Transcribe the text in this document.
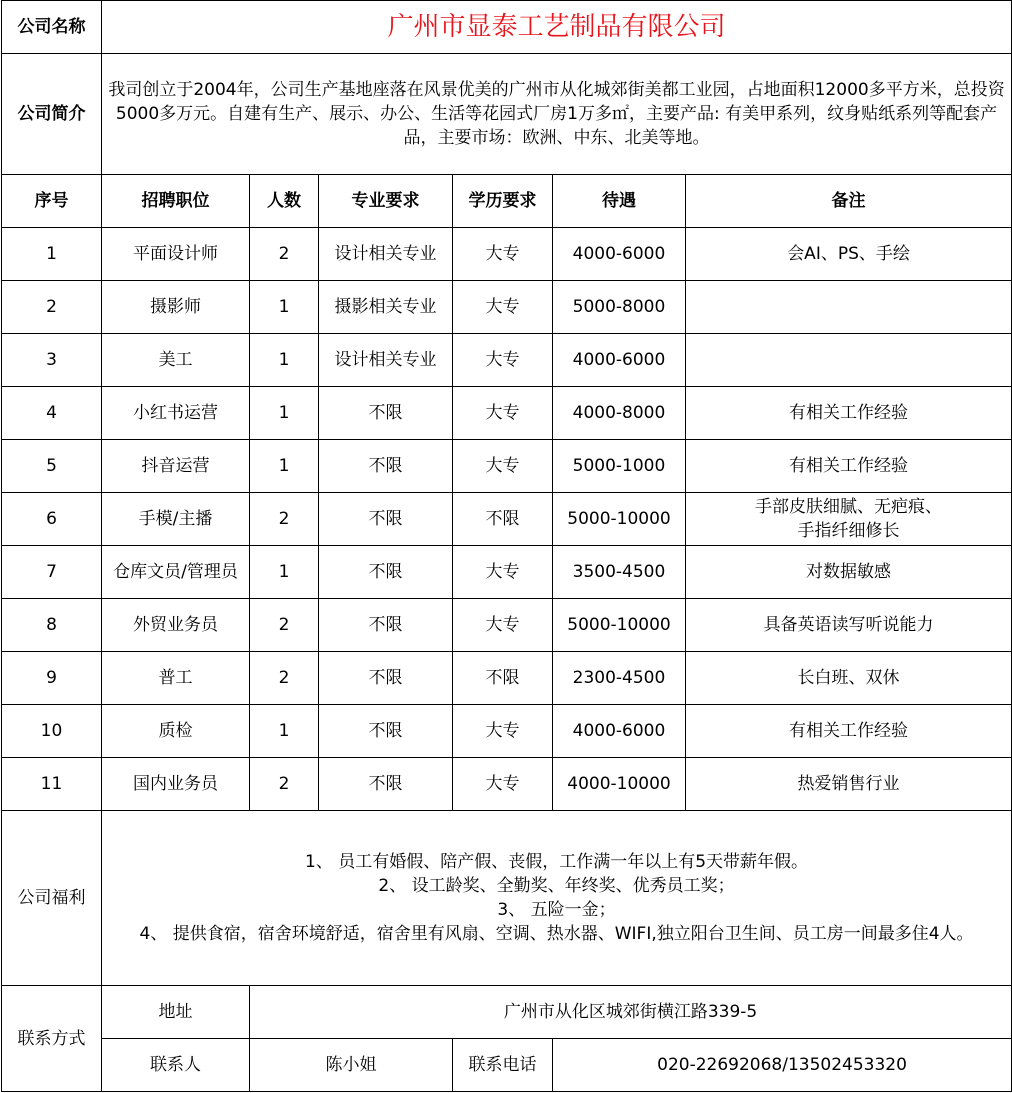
公司名称	广州市显泰工艺制品有限公司					
公司简介	我司创立于2004年，公司生产基地座落在风景优美的广州市从化城郊街美都工业园，占地面积12000多平方米，总投资5000多万元。自建有生产、展示、办公、生活等花园式厂房1万多㎡，主要产品: 有美甲系列，纹身贴纸系列等配套产品，主要市场：欧洲、中东、北美等地。					
序号	招聘职位	人数	专业要求	学历要求	待遇	备注
1	平面设计师	2	设计相关专业	大专	4000-6000	会AI、PS、手绘

2	摄影师	1	摄影相关专业	大专	5000-8000	

3	美工	1	设计相关专业	大专	4000-6000	

4	小红书运营	1	不限	大专	4000-8000	有相关工作经验

5	抖音运营	1	不限	大专	5000-1000	有相关工作经验

6	手模/主播	2	不限	不限	5000-10000	手部皮肤细腻、无疤痕、
手指纤细修长

7	仓库文员/管理员	1	不限	大专	3500-4500	对数据敏感

8	外贸业务员	2	不限	大专	5000-10000	具备英语读写听说能力

9	普工	2	不限	不限	2300-4500	长白班、双休

10	质检	1	不限	大专	4000-6000	有相关工作经验

11	国内业务员	2	不限	大专	4000-10000	热爱销售行业

公司福利	1、 员工有婚假、陪产假、丧假，工作满一年以上有5天带薪年假。
2、 设工龄奖、全勤奖、年终奖、优秀员工奖；
3、 五险一金；
4、 提供食宿，宿舍环境舒适，宿舍里有风扇、空调、热水器、WIFI,独立阳台卫生间、员工房一间最多住4人。					

联系方式	地址	广州市从化区城郊街横江路339-5				
	联系人	陈小姐		联系电话	020-22692068/13502453320	
